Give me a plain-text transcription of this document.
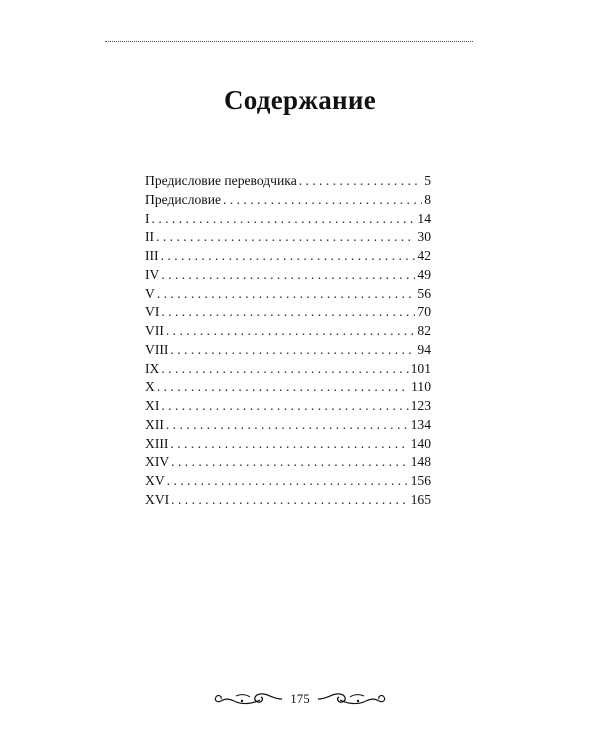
Содержание
Предисловие переводчика . . .	5
Предисловие . . .	8
I . . .	14
II . . .	30
III . . .	42
IV . . .	49
V . . .	56
VI . . .	70
VII . . .	82
VIII . . .	94
IX . . .	101
X . . .	110
XI . . .	123
XII . . .	134
XIII . . .	140
XIV . . .	148
XV . . .	156
XVI . . .	165
175
